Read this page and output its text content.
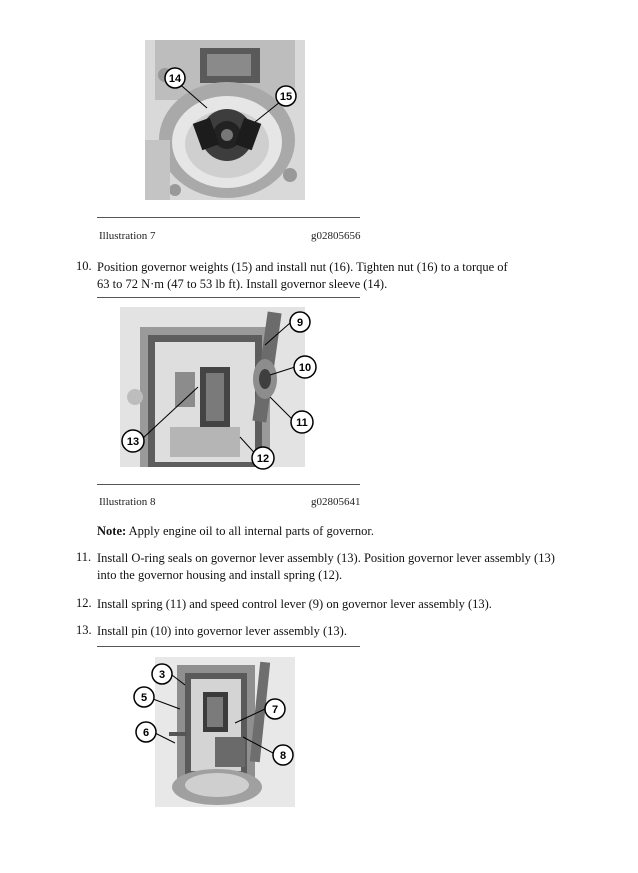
14
15
Illustration 7	g02805656
10. Position governor weights (15) and install nut (16). Tighten nut (16) to a torque of
63 to 72 N·m (47 to 53 lb ft). Install governor sleeve (14).
9
10
11
12
13
Illustration 8	g02805641
Note: Apply engine oil to all internal parts of governor.
11. Install O-ring seals on governor lever assembly (13). Position governor lever assembly (13)
into the governor housing and install spring (12).
12. Install spring (11) and speed control lever (9) on governor lever assembly (13).
13. Install pin (10) into governor lever assembly (13).
3
5
6
7
8
